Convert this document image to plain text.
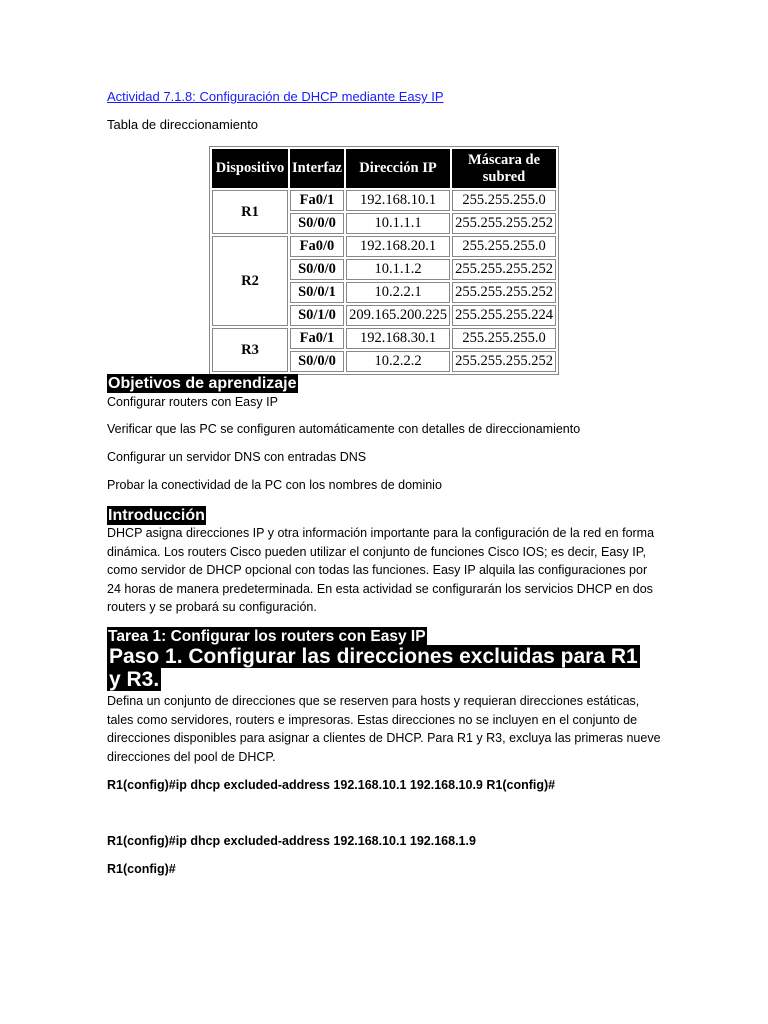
Actividad 7.1.8: Configuración de DHCP mediante Easy IP
Tabla de direccionamiento
Dispositivo	Interfaz	Dirección IP	Máscara de subred
R1	Fa0/1	192.168.10.1	255.255.255.0
	S0/0/0	10.1.1.1	255.255.255.252
R2	Fa0/0	192.168.20.1	255.255.255.0
	S0/0/0	10.1.1.2	255.255.255.252
	S0/0/1	10.2.2.1	255.255.255.252
	S0/1/0	209.165.200.225	255.255.255.224
R3	Fa0/1	192.168.30.1	255.255.255.0
	S0/0/0	10.2.2.2	255.255.255.252
Objetivos de aprendizaje
Configurar routers con Easy IP
Verificar que las PC se configuren automáticamente con detalles de direccionamiento
Configurar un servidor DNS con entradas DNS
Probar la conectividad de la PC con los nombres de dominio
Introducción
DHCP asigna direcciones IP y otra información importante para la configuración de la red en forma dinámica. Los routers Cisco pueden utilizar el conjunto de funciones Cisco IOS; es decir, Easy IP, como servidor de DHCP opcional con todas las funciones. Easy IP alquila las configuraciones por 24 horas de manera predeterminada. En esta actividad se configurarán los servicios DHCP en dos routers y se probará su configuración.
Tarea 1: Configurar los routers con Easy IP
Paso 1. Configurar las direcciones excluidas para R1 y R3.
Defina un conjunto de direcciones que se reserven para hosts y requieran direcciones estáticas, tales como servidores, routers e impresoras. Estas direcciones no se incluyen en el conjunto de direcciones disponibles para asignar a clientes de DHCP. Para R1 y R3, excluya las primeras nueve direcciones del pool de DHCP.
R1(config)#ip dhcp excluded-address 192.168.10.1 192.168.10.9 R1(config)#
R1(config)#ip dhcp excluded-address 192.168.10.1 192.168.1.9
R1(config)#
